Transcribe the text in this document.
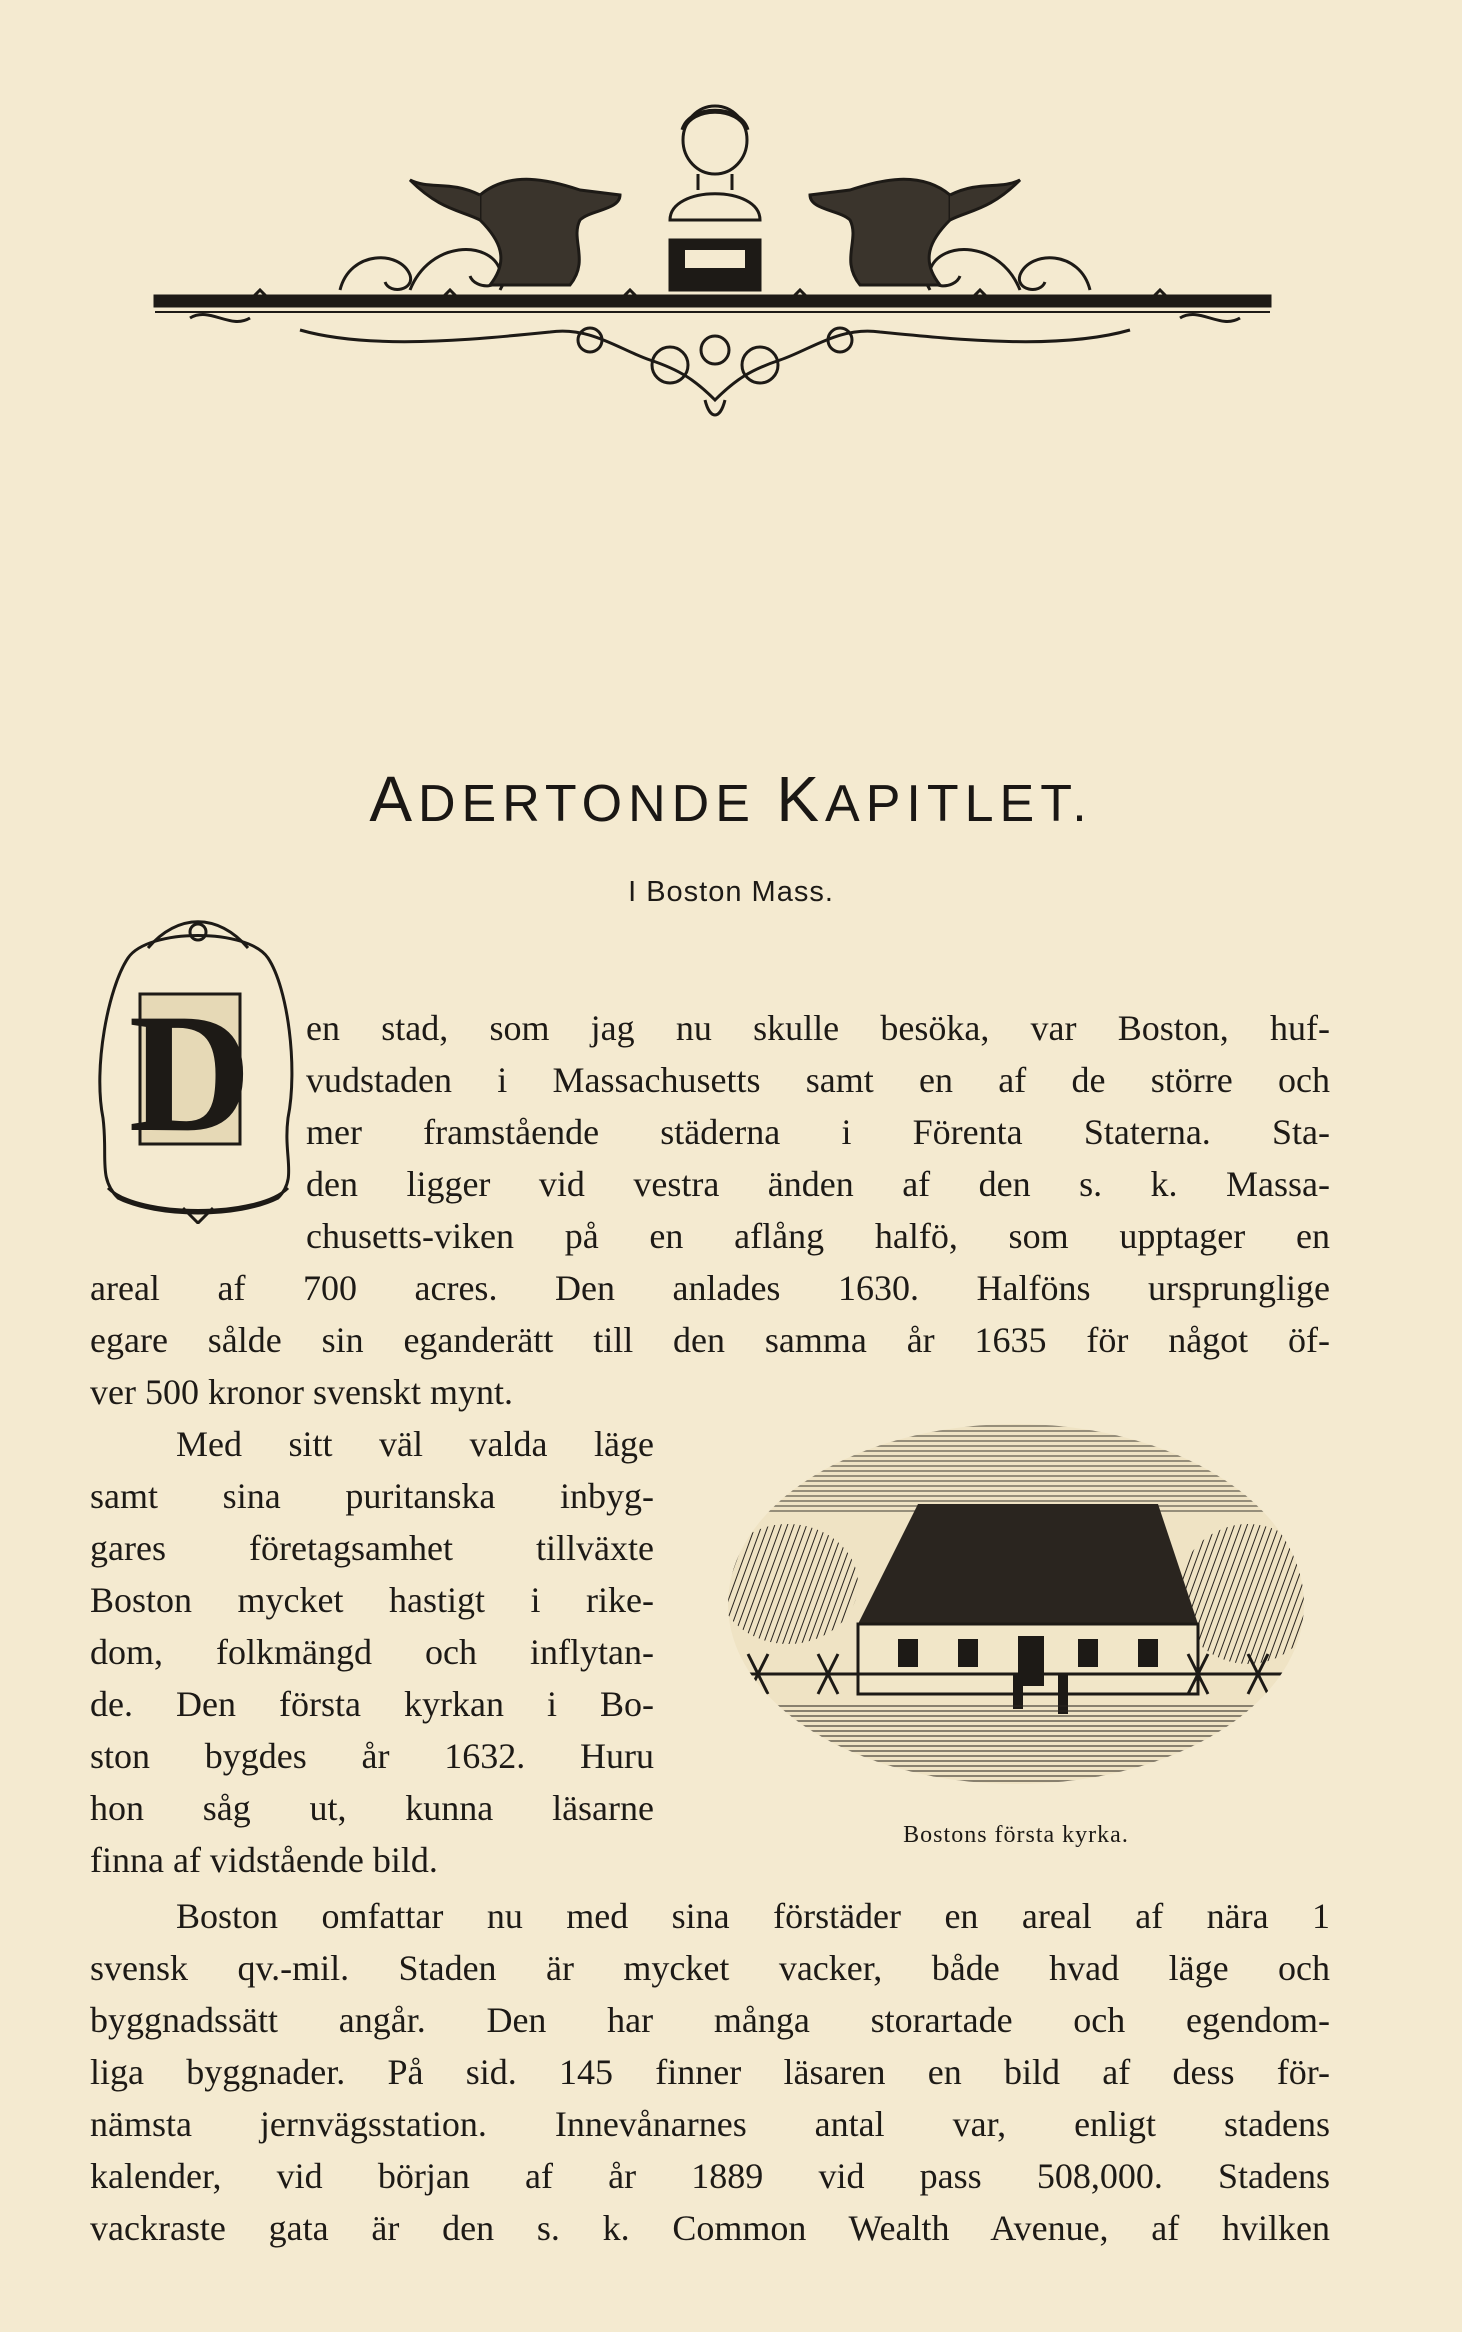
ADERTONDE KAPITLET.
I Boston Mass.
D en stad, som jag nu skulle besöka, var Boston, huf-
vudstaden i Massachusetts samt en af de större och
mer framstående städerna i Förenta Staterna. Sta-
den ligger vid vestra änden af den s. k. Massa-
chusetts-viken på en aflång halfö, som upptager en
areal af 700 acres. Den anlades 1630. Halföns ursprunglige
egare sålde sin eganderätt till den samma år 1635 för något öf-
ver 500 kronor svenskt mynt.
Med sitt väl valda läge
samt sina puritanska inbyg-
gares företagsamhet tillväxte
Boston mycket hastigt i rike-
dom, folkmängd och inflytan-
de. Den första kyrkan i Bo-
ston bygdes år 1632. Huru
hon såg ut, kunna läsarne
finna af vidstående bild.
Bostons första kyrka.
Boston omfattar nu med sina förstäder en areal af nära 1
svensk qv.-mil. Staden är mycket vacker, både hvad läge och
byggnadssätt angår. Den har många storartade och egendom-
liga byggnader. På sid. 145 finner läsaren en bild af dess för-
nämsta jernvägsstation. Innevånarnes antal var, enligt stadens
kalender, vid början af år 1889 vid pass 508,000. Stadens
vackraste gata är den s. k. Common Wealth Avenue, af hvilken
